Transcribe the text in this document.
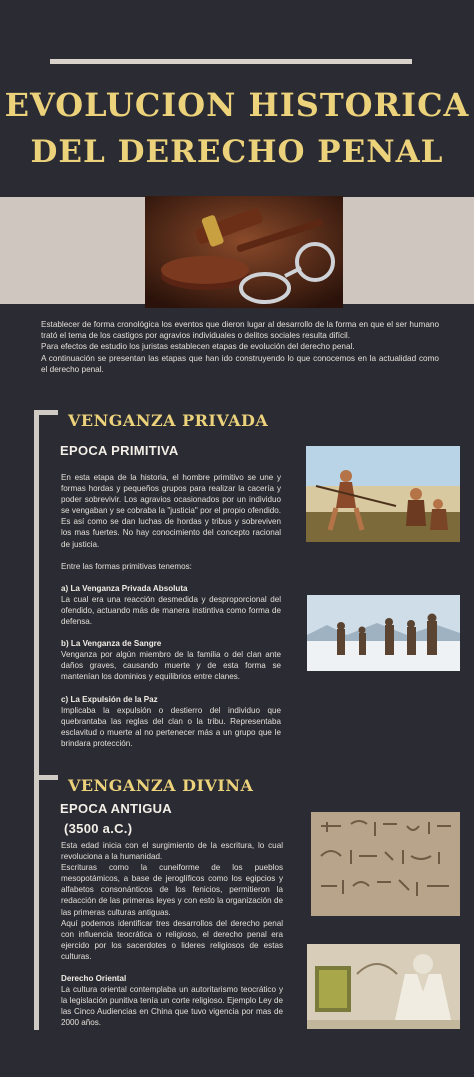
EVOLUCION HISTORICA
DEL DERECHO PENAL

Establecer de forma cronológica los eventos que dieron lugar al desarrollo de la forma en que el ser humano trató el tema de los castigos por agravios individuales o delitos sociales resulta difícil.

Para efectos de estudio los juristas establecen etapas de evolución del derecho penal.

A continuación se presentan las etapas que han ido construyendo lo que conocemos en la actualidad como el derecho penal.

VENGANZA PRIVADA
EPOCA PRIMITIVA

En esta etapa de la historia, el hombre primitivo se une y formas hordas y pequeños grupos para realizar la cacería y poder sobrevivir. Los agravios ocasionados por un individuo se vengaban y se cobraba la "justicia" por el propio ofendido. Es así como se dan luchas de hordas y tribus y sobreviven los mas fuertes. No hay conocimiento del concepto racional de justicia.

Entre las formas primitivas tenemos:

a) La Venganza Privada Absoluta

La cual era una reacción desmedida y desproporcional del ofendido, actuando más de manera instintiva como forma de defensa.

b) La Venganza de Sangre

Venganza por algún miembro de la familia o del clan ante daños graves, causando muerte y de esta forma se mantenían los dominios y equilibrios entre clanes.

c) La Expulsión de la Paz

Implicaba la expulsión o destierro del individuo que quebrantaba las reglas del clan o la tribu. Representaba esclavitud o muerte al no pertenecer más a un grupo que le brindara protección.

VENGANZA DIVINA
EPOCA ANTIGUA
(3500 a.C.)

Esta edad inicia con el surgimiento de la escritura, lo cual revoluciona a la humanidad.

Escrituras como la cuneiforme de los pueblos mesopotámicos, a base de jeroglíficos como los egipcios y alfabetos consonánticos de los fenicios, permitieron la redacción de las primeras leyes y con esto la organización de las primeras culturas antiguas.

Aquí podemos identificar tres desarrollos del derecho penal con influencia teocrática o religioso, el derecho penal era ejercido por los sacerdotes o lideres religiosos de estas culturas.

Derecho Oriental

La cultura oriental contemplaba un autoritarismo teocrático y la legislación punitiva tenía un corte religioso. Ejemplo Ley de las Cinco Audiencias en China que tuvo vigencia por mas de 2000 años.
